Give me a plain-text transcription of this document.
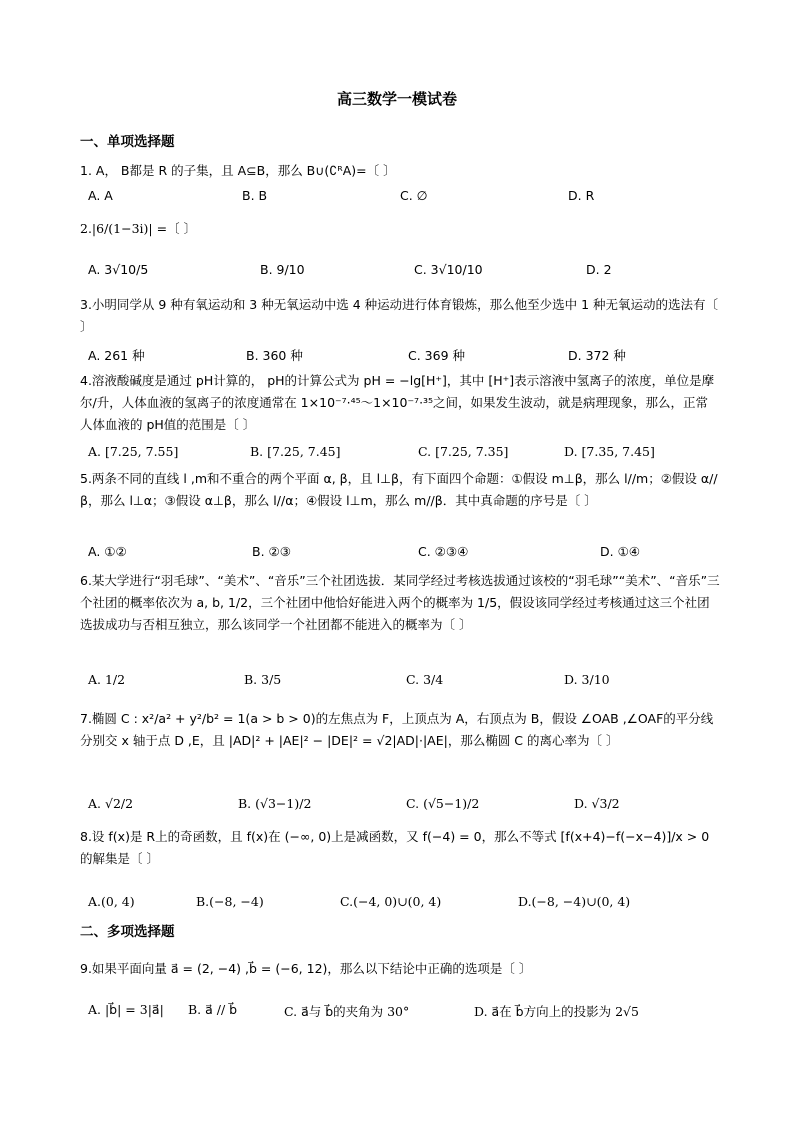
高三数学一模试卷
一、单项选择题
1. A， B都是 R 的子集，且 A⊆B，那么 B∪(∁ᴿA)=〔 〕
A. A	B. B	C. ∅	D. R
2.|6/(1−3i)| =〔 〕
A. 3√10/5	B. 9/10	C. 3√10/10	D. 2
3.小明同学从 9 种有氧运动和 3 种无氧运动中选 4 种运动进行体育锻炼，那么他至少选中 1 种无氧运动的选法有〔 〕
A. 261 种	B. 360 种	C. 369 种	D. 372 种
4.溶液酸碱度是通过 pH计算的， pH的计算公式为 pH = −lg[H⁺]，其中 [H⁺]表示溶液中氢离子的浓度，单位是摩尔/升，人体血液的氢离子的浓度通常在 1×10⁻⁷·⁴⁵～1×10⁻⁷·³⁵之间，如果发生波动，就是病理现象，那么，正常人体血液的 pH值的范围是〔 〕
A. [7.25, 7.55]	B. [7.25, 7.45]	C. [7.25, 7.35]	D. [7.35, 7.45]
5.两条不同的直线 l ,m和不重合的两个平面 α, β，且 l⊥β，有下面四个命题：①假设 m⊥β，那么 l//m；②假设 α//β，那么 l⊥α；③假设 α⊥β，那么 l//α；④假设 l⊥m，那么 m//β．其中真命题的序号是〔 〕
A. ①②	B. ②③	C. ②③④	D. ①④
6.某大学进行“羽毛球”、“美术”、“音乐”三个社团选拔．某同学经过考核选拔通过该校的“羽毛球”“美术”、“音乐”三个社团的概率依次为 a, b, 1/2，三个社团中他恰好能进入两个的概率为 1/5，假设该同学经过考核通过这三个社团选拔成功与否相互独立，那么该同学一个社团都不能进入的概率为〔 〕
A. 1/2	B. 3/5	C. 3/4	D. 3/10
7.椭圆 C : x²/a² + y²/b² = 1(a > b > 0)的左焦点为 F，上顶点为 A，右顶点为 B，假设 ∠OAB ,∠OAF的平分线分别交 x 轴于点 D ,E，且 |AD|² + |AE|² − |DE|² = √2|AD|·|AE|，那么椭圆 C 的离心率为〔 〕
A. √2/2	B. (√3−1)/2	C. (√5−1)/2	D. √3/2
8.设 f(x)是 R上的奇函数，且 f(x)在 (−∞, 0)上是减函数，又 f(−4) = 0，那么不等式 [f(x+4)−f(−x−4)]/x > 0的解集是〔 〕
A.(0, 4)	B.(−8, −4)	C.(−4, 0)∪(0, 4)	D.(−8, −4)∪(0, 4)
二、多项选择题
9.如果平面向量 a⃗ = (2, −4) ,b⃗ = (−6, 12)，那么以下结论中正确的选项是〔 〕
A. |b⃗| = 3|a⃗| B. a⃗ // b⃗	C. a⃗与 b⃗的夹角为 30°	D. a⃗在 b⃗方向上的投影为 2√5
